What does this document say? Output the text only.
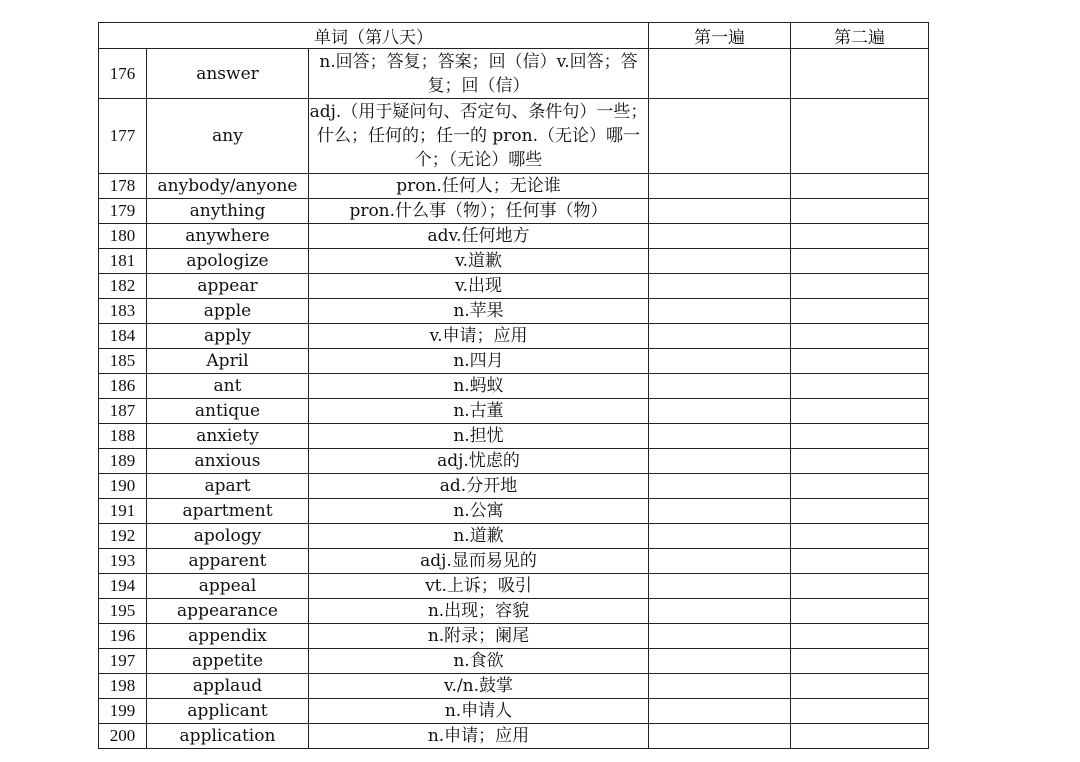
单词（第八天）			第一遍	第二遍
176	answer	n.回答；答复；答案；回（信）v.回答；答复；回（信）		
177	any	adj.（用于疑问句、否定句、条件句）一些；什么；任何的；任一的 pron.（无论）哪一个；（无论）哪些		
178	anybody/anyone	pron.任何人；无论谁		
179	anything	pron.什么事（物）；任何事（物）		
180	anywhere	adv.任何地方		
181	apologize	v.道歉		
182	appear	v.出现		
183	apple	n.苹果		
184	apply	v.申请；应用		
185	April	n.四月		
186	ant	n.蚂蚁		
187	antique	n.古董		
188	anxiety	n.担忧		
189	anxious	adj.忧虑的		
190	apart	ad.分开地		
191	apartment	n.公寓		
192	apology	n.道歉		
193	apparent	adj.显而易见的		
194	appeal	vt.上诉；吸引		
195	appearance	n.出现；容貌		
196	appendix	n.附录；阑尾		
197	appetite	n.食欲		
198	applaud	v./n.鼓掌		
199	applicant	n.申请人		
200	application	n.申请；应用		
